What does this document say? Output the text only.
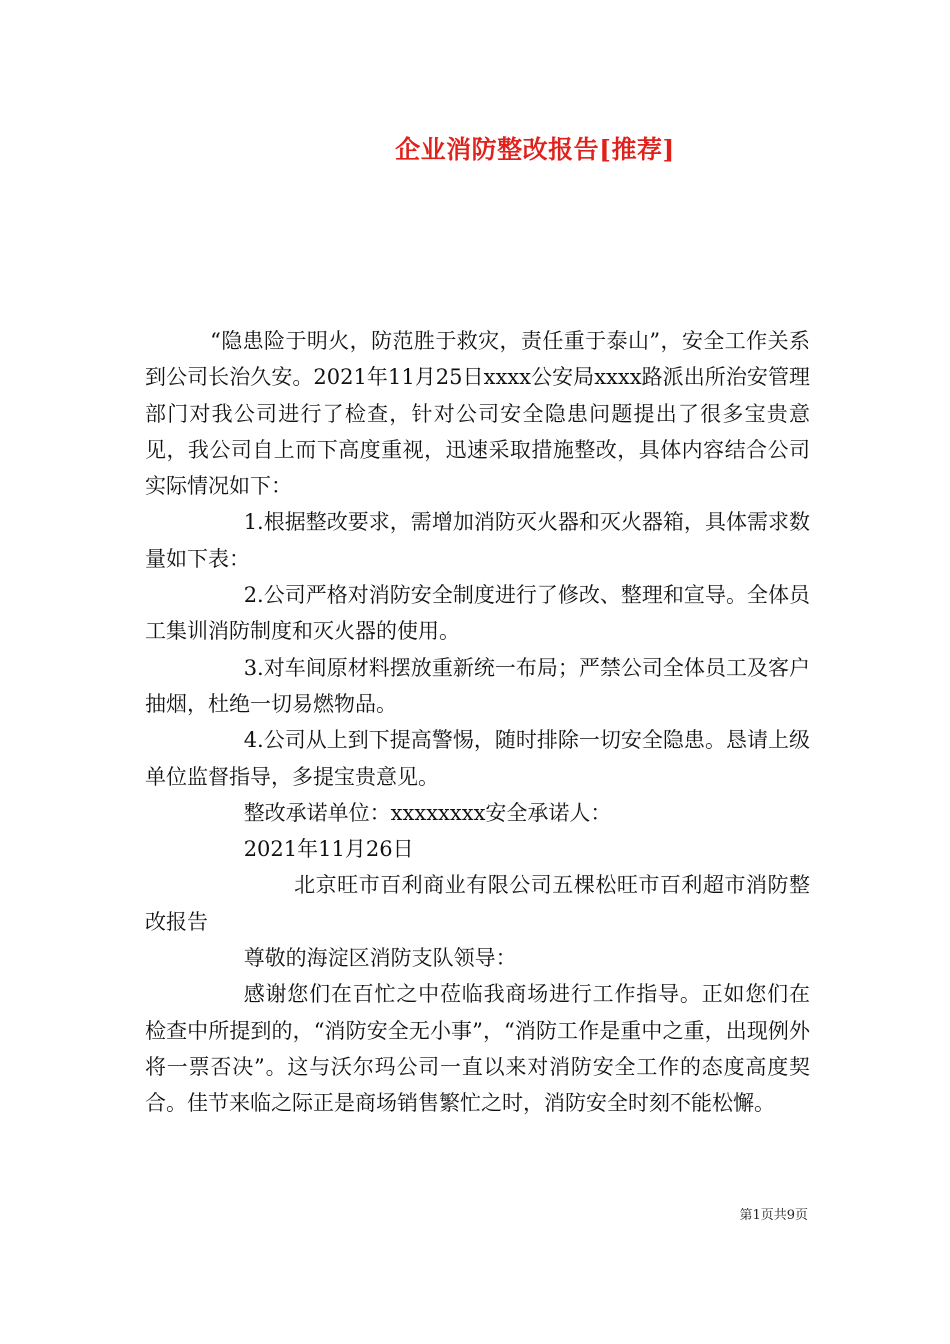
企业消防整改报告[推荐]

“隐患险于明火，防范胜于救灾，责任重于泰山”，安全工作关系到公司长治久安。2021年11月25日xxxx公安局xxxx路派出所治安管理部门对我公司进行了检查，针对公司安全隐患问题提出了很多宝贵意见，我公司自上而下高度重视，迅速采取措施整改，具体内容结合公司实际情况如下：

1.根据整改要求，需增加消防灭火器和灭火器箱，具体需求数量如下表：

2.公司严格对消防安全制度进行了修改、整理和宣导。全体员工集训消防制度和灭火器的使用。

3.对车间原材料摆放重新统一布局；严禁公司全体员工及客户抽烟，杜绝一切易燃物品。

4.公司从上到下提高警惕，随时排除一切安全隐患。恳请上级单位监督指导，多提宝贵意见。

整改承诺单位：xxxxxxxx安全承诺人：

2021年11月26日

北京旺市百利商业有限公司五棵松旺市百利超市消防整改报告

尊敬的海淀区消防支队领导：

感谢您们在百忙之中莅临我商场进行工作指导。正如您们在检查中所提到的，“消防安全无小事”，“消防工作是重中之重，出现例外将一票否决”。这与沃尔玛公司一直以来对消防安全工作的态度高度契合。佳节来临之际正是商场销售繁忙之时，消防安全时刻不能松懈。

第1页共9页
